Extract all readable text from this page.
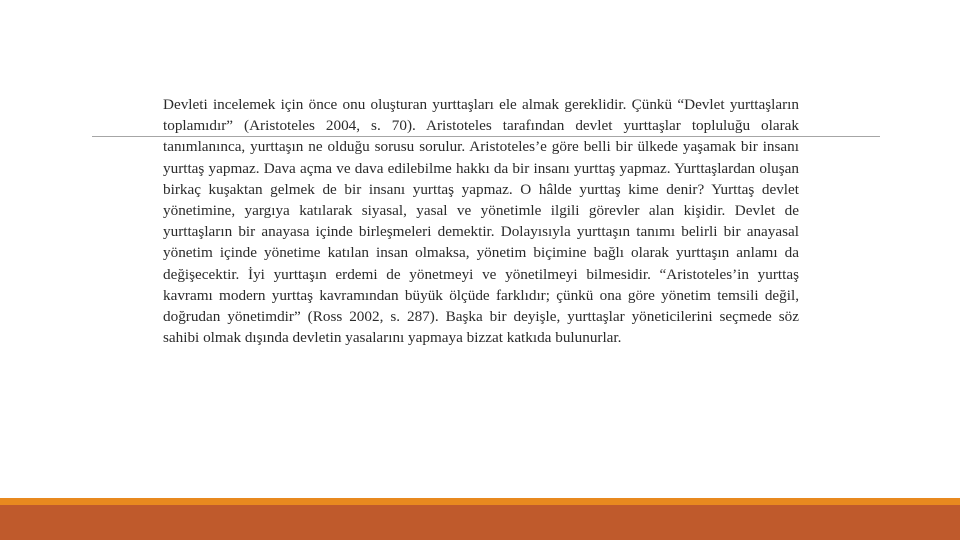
Devleti incelemek için önce onu oluşturan yurttaşları ele almak gereklidir. Çünkü “Devlet yurttaşların toplamıdır” (Aristoteles 2004, s. 70). Aristoteles tarafından devlet yurttaşlar topluluğu olarak tanımlanınca, yurttaşın ne olduğu sorusu sorulur. Aristoteles’e göre belli bir ülkede yaşamak bir insanı yurttaş yapmaz. Dava açma ve dava edilebilme hakkı da bir insanı yurttaş yapmaz. Yurttaşlardan oluşan birkaç kuşaktan gelmek de bir insanı yurttaş yapmaz. O hâlde yurttaş kime denir? Yurttaş devlet yönetimine, yargıya katılarak siyasal, yasal ve yönetimle ilgili görevler alan kişidir. Devlet de yurttaşların bir anayasa içinde birleşmeleri demektir. Dolayısıyla yurttaşın tanımı belirli bir anayasal yönetim içinde yönetime katılan insan olmaksa, yönetim biçimine bağlı olarak yurttaşın anlamı da değişecektir. İyi yurttaşın erdemi de yönetmeyi ve yönetilmeyi bilmesidir. “Aristoteles’in yurttaş kavramı modern yurttaş kavramından büyük ölçüde farklıdır; çünkü ona göre yönetim temsili değil, doğrudan yönetimdir” (Ross 2002, s. 287). Başka bir deyişle, yurttaşlar yöneticilerini seçmede söz sahibi olmak dışında devletin yasalarını yapmaya bizzat katkıda bulunurlar.
